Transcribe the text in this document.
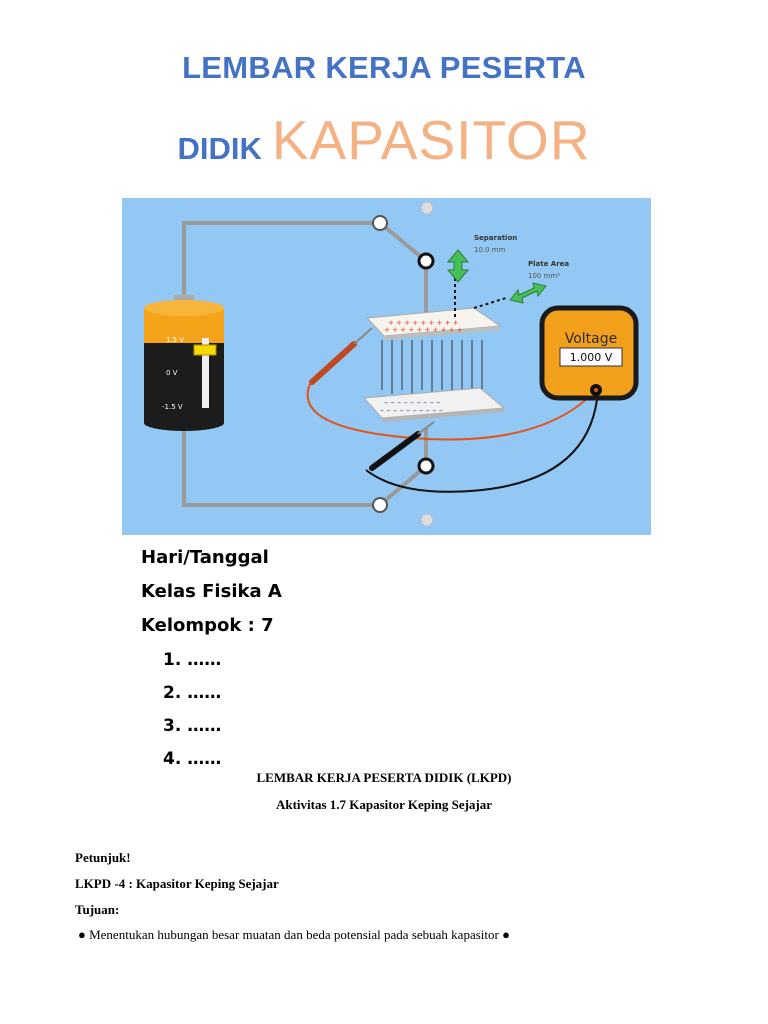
LEMBAR KERJA PESERTA
DIDIK KAPASITOR
1.5 V
0 V
-1.5 V
+ + + + + + + + +
+ + + + + + + + + +
– – – – – – – – –
– – – – – – – – – –
Separation
10.0 mm
Plate Area
100 mm²
Voltage
1.000 V
Hari/Tanggal
Kelas Fisika A
Kelompok : 7
1. ……
2. ……
3. ……
4. ……
LEMBAR KERJA PESERTA DIDIK (LKPD)
Aktivitas 1.7 Kapasitor Keping Sejajar
Petunjuk!
LKPD -4 : Kapasitor Keping Sejajar
Tujuan:
● Menentukan hubungan besar muatan dan beda potensial pada sebuah kapasitor ●
